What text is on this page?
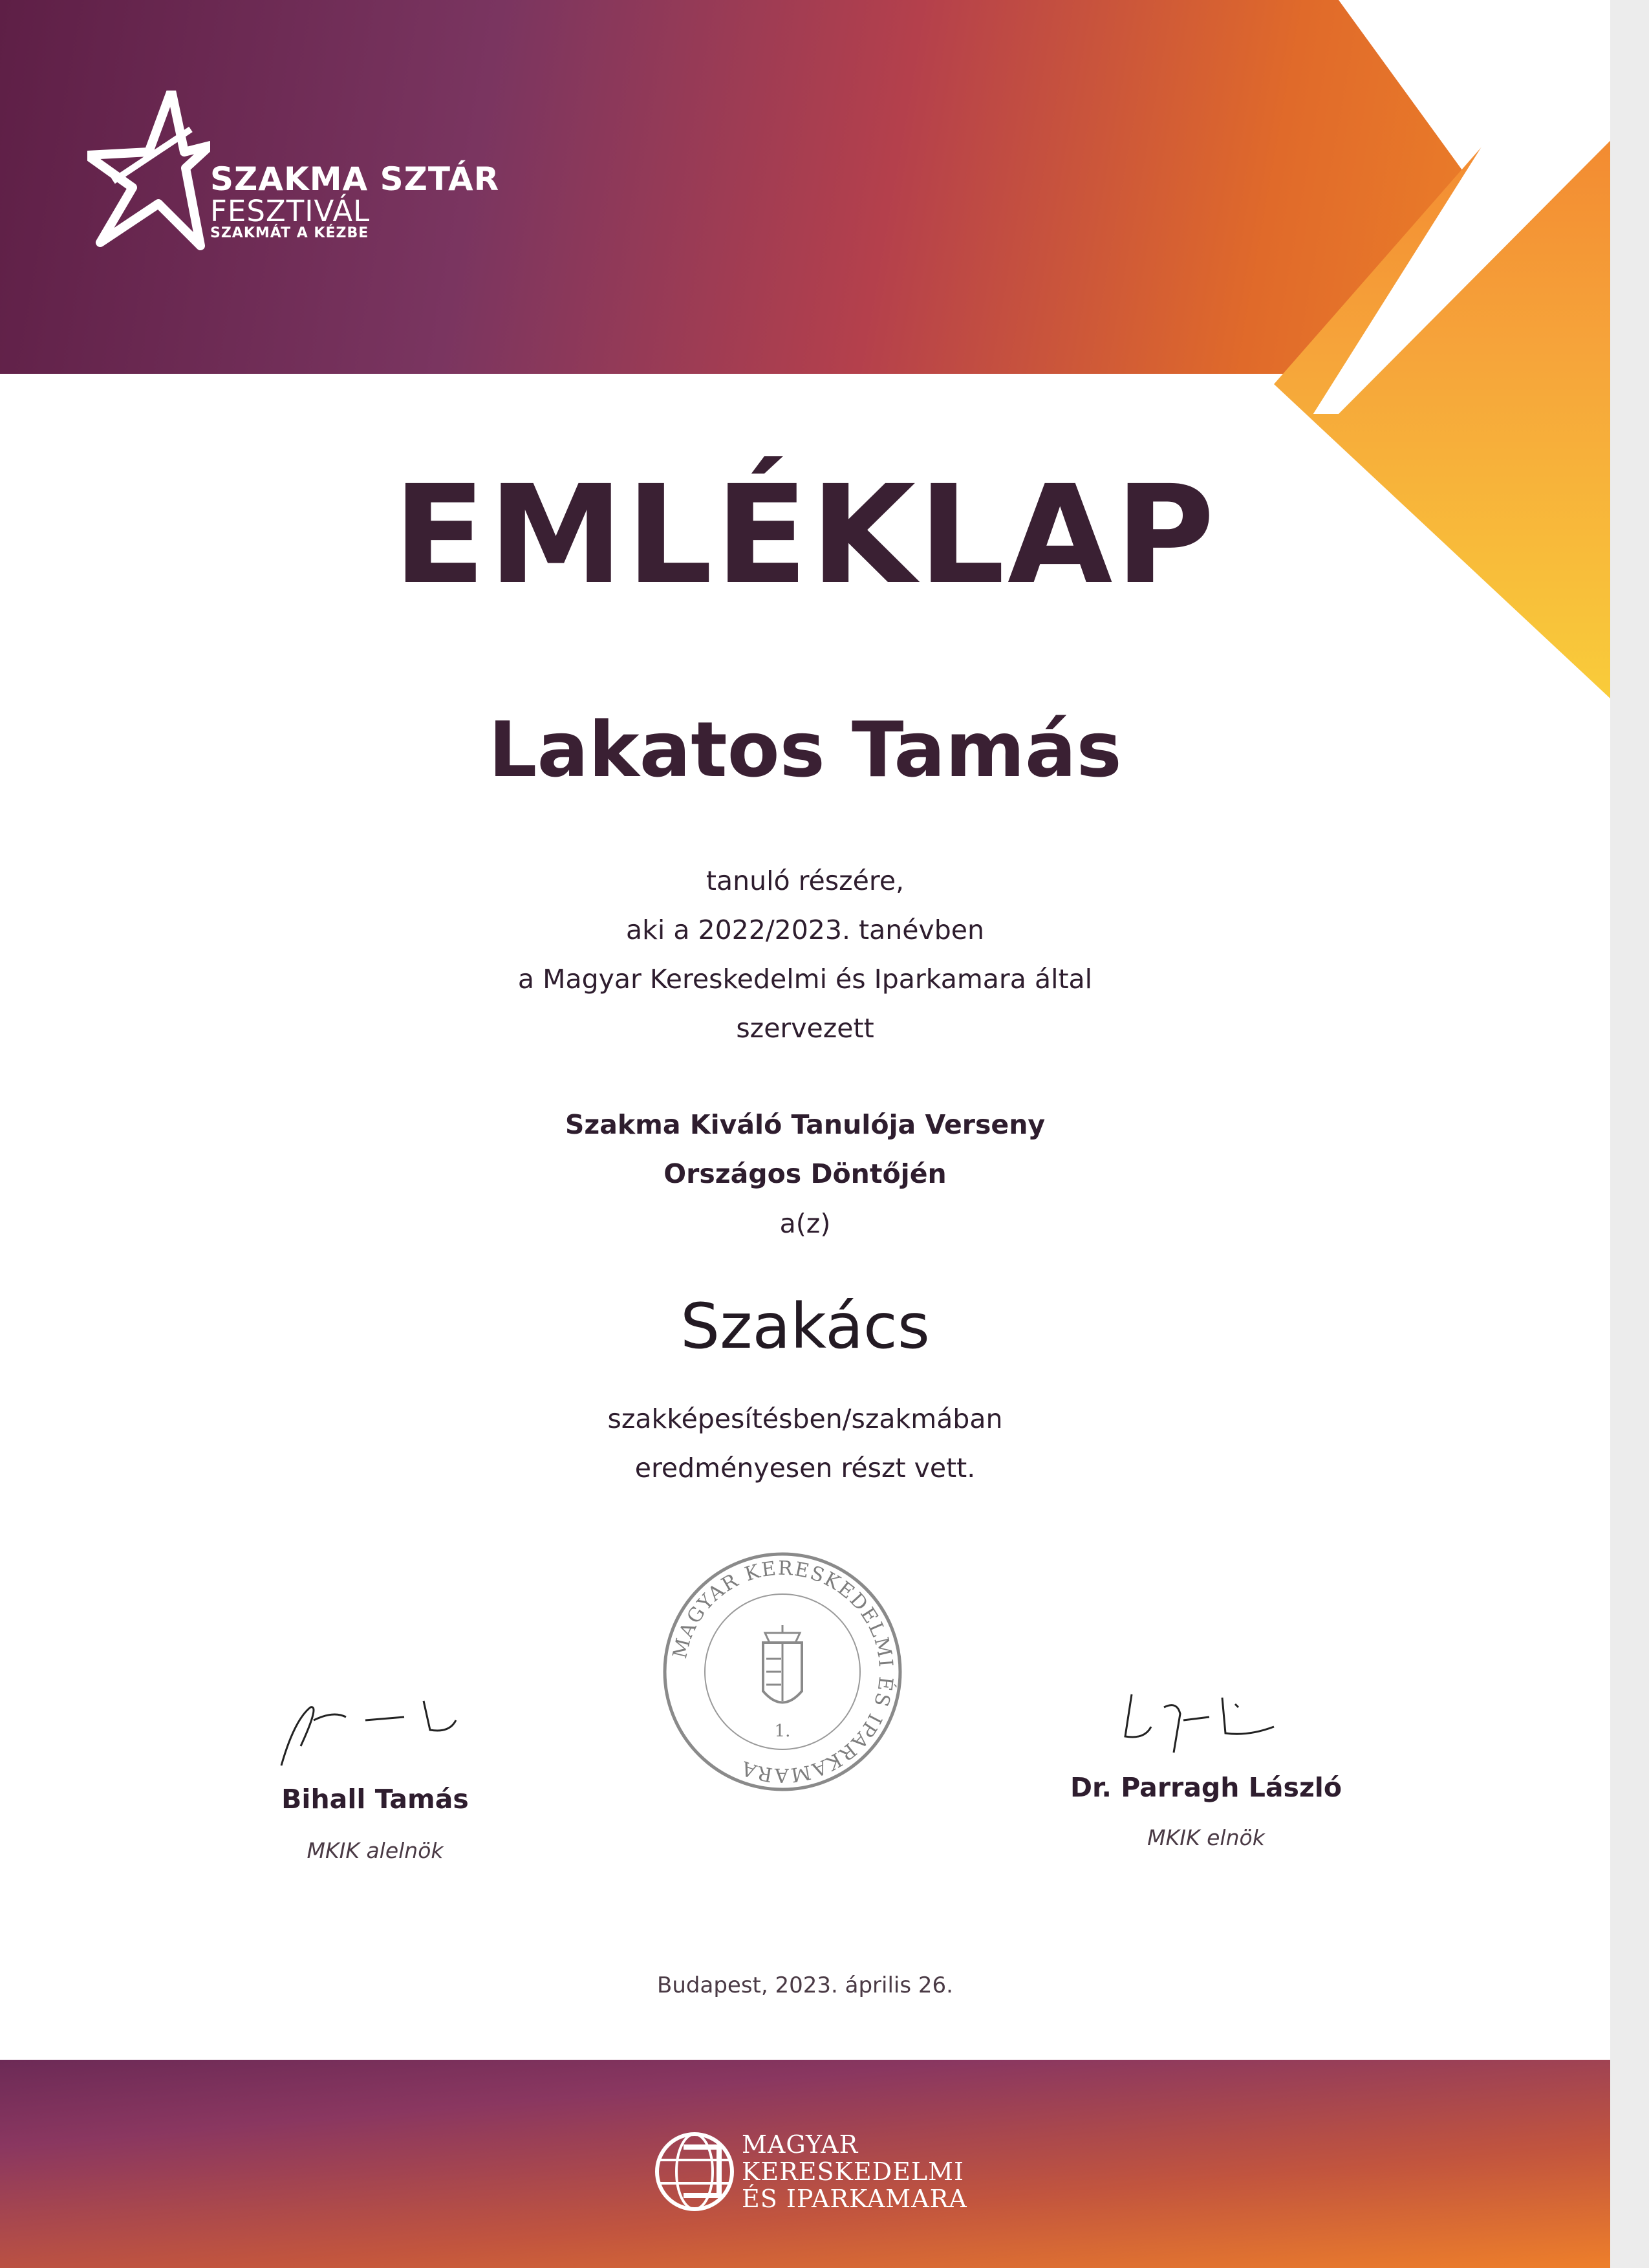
SZAKMA SZTÁR
FESZTIVÁL
SZAKMÁT A KÉZBE
EMLÉKLAP
Lakatos Tamás
tanuló részére,
aki a 2022/2023. tanévben
a Magyar Kereskedelmi és Iparkamara által
szervezett
Szakma Kiváló Tanulója Verseny
Országos Döntőjén
a(z)
Szakács
szakképesítésben/szakmában
eredményesen részt vett.
MAGYAR KERESKEDELMI ÉS IPARKAMARA
1.
Bihall Tamás
MKIK alelnök
Dr. Parragh László
MKIK elnök
Budapest, 2023. április 26.
MAGYAR
KERESKEDELMI
ÉS IPARKAMARA
